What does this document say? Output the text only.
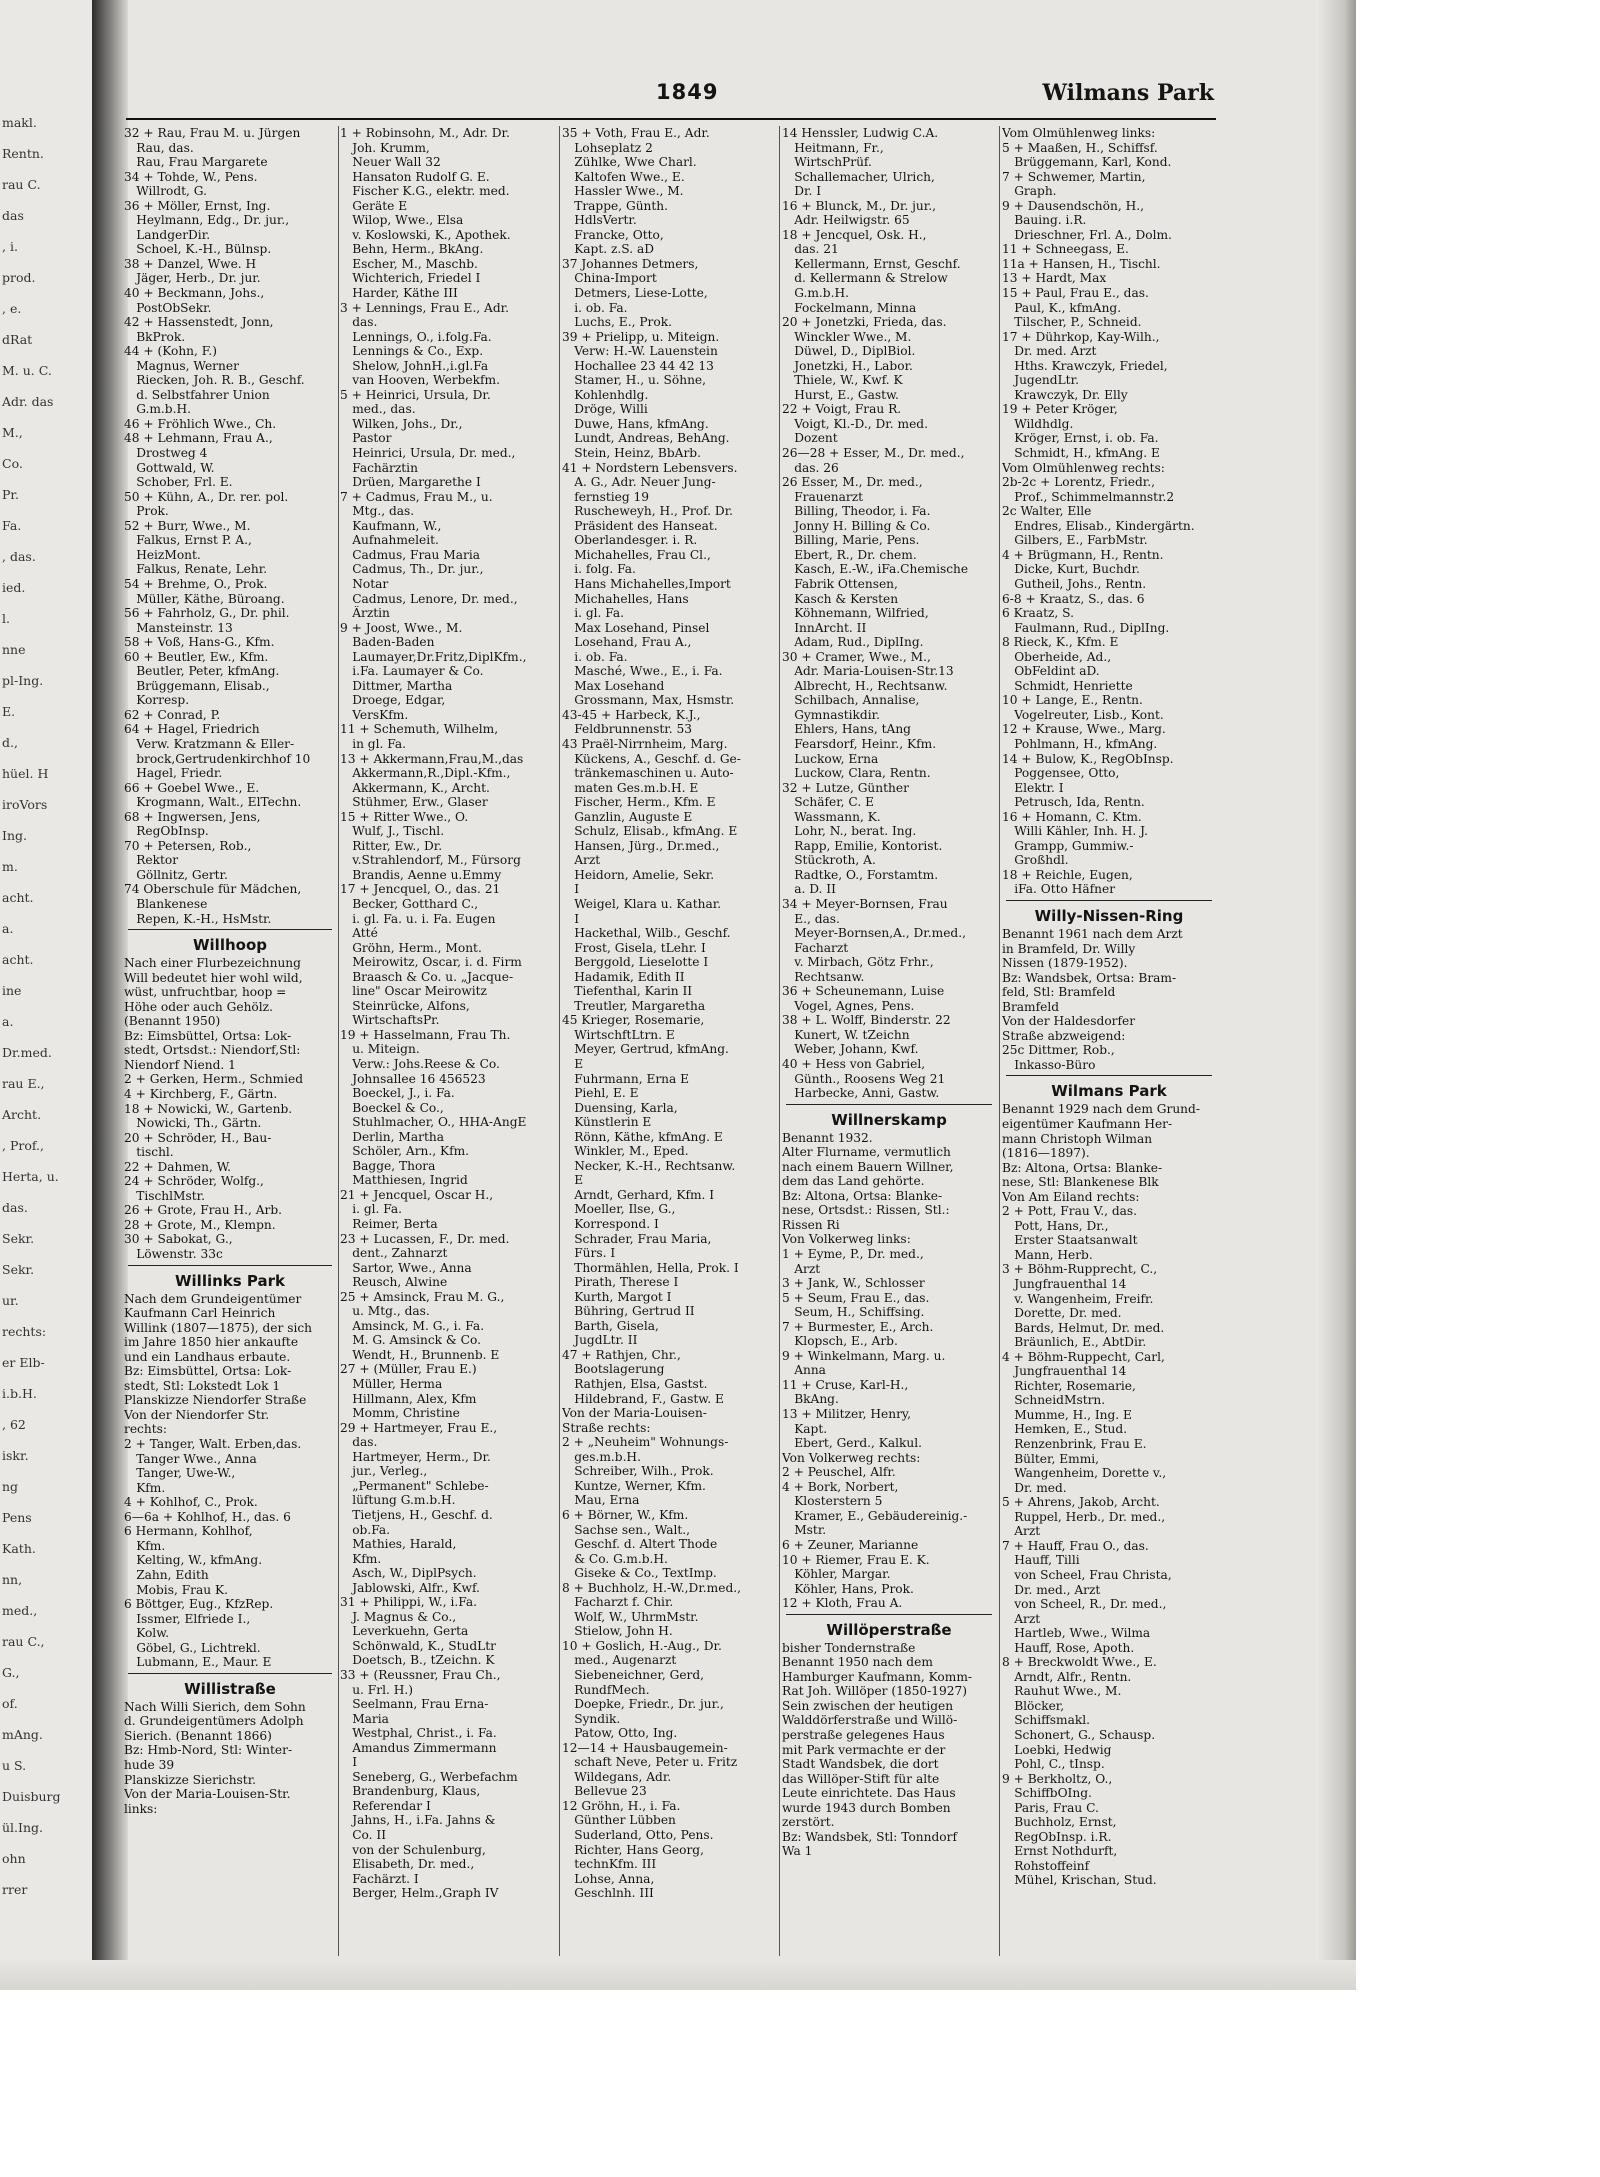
makl.
Rentn.
rau C.
das
, i.
prod.
, e.
dRat
M. u. C.
Adr. das
M.,
Co.
Pr.
Fa.
, das.
ied.
l.
nne
pl-Ing.
E.
d.,
hüel. H
iroVors
Ing.
m.
acht.
a.
acht.
ine
a.
Dr.med.
rau E.,
Archt.
, Prof.,
Herta, u.
das.
Sekr.
Sekr.
ur.
rechts:
er Elb-
i.b.H.
, 62
iskr.
ng
Pens
Kath.
nn,
med.,
rau C.,
G.,
of.
mAng.
u S.
Duisburg
ül.Ing.
ohn
rrer
1849	Wilmans Park
32 + Rau, Frau M. u. Jürgen
 Rau, das.
 Rau, Frau Margarete
34 + Tohde, W., Pens.
 Willrodt, G.
36 + Möller, Ernst, Ing.
 Heylmann, Edg., Dr. jur.,
 LandgerDir.
 Schoel, K.-H., Bülnsp.
38 + Danzel, Wwe. H
 Jäger, Herb., Dr. jur.
40 + Beckmann, Johs.,
 PostObSekr.
42 + Hassenstedt, Jonn,
 BkProk.
44 + (Kohn, F.)
 Magnus, Werner
 Riecken, Joh. R. B., Geschf.
 d. Selbstfahrer Union
 G.m.b.H.
46 + Fröhlich Wwe., Ch.
48 + Lehmann, Frau A.,
 Drostweg 4
 Gottwald, W.
 Schober, Frl. E.
50 + Kühn, A., Dr. rer. pol.
 Prok.
52 + Burr, Wwe., M.
 Falkus, Ernst P. A.,
 HeizMont.
 Falkus, Renate, Lehr.
54 + Brehme, O., Prok.
 Müller, Käthe, Büroang.
56 + Fahrholz, G., Dr. phil.
 Mansteinstr. 13
58 + Voß, Hans-G., Kfm.
60 + Beutler, Ew., Kfm.
 Beutler, Peter, kfmAng.
 Brüggemann, Elisab.,
 Korresp.
62 + Conrad, P.
64 + Hagel, Friedrich
 Verw. Kratzmann & Eller-
 brock,Gertrudenkirchhof 10
 Hagel, Friedr.
66 + Goebel Wwe., E.
 Krogmann, Walt., ElTechn.
68 + Ingwersen, Jens,
 RegObInsp.
70 + Petersen, Rob.,
 Rektor
 Göllnitz, Gertr.
74 Oberschule für Mädchen,
 Blankenese
 Repen, K.-H., HsMstr.
Willhoop
Nach einer Flurbezeichnung
Will bedeutet hier wohl wild,
wüst, unfruchtbar, hoop =
Höhe oder auch Gehölz.
(Benannt 1950)
Bz: Eimsbüttel, Ortsa: Lok-
stedt, Ortsdst.: Niendorf,Stl:
Niendorf Niend. 1
2 + Gerken, Herm., Schmied
4 + Kirchberg, F., Gärtn.
18 + Nowicki, W., Gartenb.
 Nowicki, Th., Gärtn.
20 + Schröder, H., Bau-
 tischl.
22 + Dahmen, W.
24 + Schröder, Wolfg.,
 TischlMstr.
26 + Grote, Frau H., Arb.
28 + Grote, M., Klempn.
30 + Sabokat, G.,
 Löwenstr. 33c
Willinks Park
Nach dem Grundeigentümer
Kaufmann Carl Heinrich
Willink (1807—1875), der sich
im Jahre 1850 hier ankaufte
und ein Landhaus erbaute.
Bz: Eimsbüttel, Ortsa: Lok-
stedt, Stl: Lokstedt Lok 1
Planskizze Niendorfer Straße
Von der Niendorfer Str.
rechts:
2 + Tanger, Walt. Erben,das.
 Tanger Wwe., Anna
 Tanger, Uwe-W.,
 Kfm.
4 + Kohlhof, C., Prok.
6—6a + Kohlhof, H., das. 6
6 Hermann, Kohlhof,
 Kfm.
 Kelting, W., kfmAng.
 Zahn, Edith
 Mobis, Frau K.
6 Böttger, Eug., KfzRep.
 Issmer, Elfriede I.,
 Kolw.
 Göbel, G., Lichtrekl.
 Lubmann, E., Maur. E
Willistraße
Nach Willi Sierich, dem Sohn
d. Grundeigentümers Adolph
Sierich. (Benannt 1866)
Bz: Hmb-Nord, Stl: Winter-
hude 39
Planskizze Sierichstr.
Von der Maria-Louisen-Str.
links:
1 + Robinsohn, M., Adr. Dr.
 Joh. Krumm,
 Neuer Wall 32
 Hansaton Rudolf G. E.
 Fischer K.G., elektr. med.
 Geräte E
 Wilop, Wwe., Elsa
 v. Koslowski, K., Apothek.
 Behn, Herm., BkAng.
 Escher, M., Maschb.
 Wichterich, Friedel I
 Harder, Käthe III
3 + Lennings, Frau E., Adr.
 das.
 Lennings, O., i.folg.Fa.
 Lennings & Co., Exp.
 Shelow, JohnH.,i.gl.Fa
 van Hooven, Werbekfm.
5 + Heinrici, Ursula, Dr.
 med., das.
 Wilken, Johs., Dr.,
 Pastor
 Heinrici, Ursula, Dr. med.,
 Fachärztin
 Drüen, Margarethe I
7 + Cadmus, Frau M., u.
 Mtg., das.
 Kaufmann, W.,
 Aufnahmeleit.
 Cadmus, Frau Maria
 Cadmus, Th., Dr. jur.,
 Notar
 Cadmus, Lenore, Dr. med.,
 Ärztin
9 + Joost, Wwe., M.
 Baden-Baden
 Laumayer,Dr.Fritz,DiplKfm.,
 i.Fa. Laumayer & Co.
 Dittmer, Martha
 Droege, Edgar,
 VersKfm.
11 + Schemuth, Wilhelm,
 in gl. Fa.
13 + Akkermann,Frau,M.,das
 Akkermann,R.,Dipl.-Kfm.,
 Akkermann, K., Archt.
 Stühmer, Erw., Glaser
15 + Ritter Wwe., O.
 Wulf, J., Tischl.
 Ritter, Ew., Dr.
 v.Strahlendorf, M., Fürsorg
 Brandis, Aenne u.Emmy
17 + Jencquel, O., das. 21
 Becker, Gotthard C.,
 i. gl. Fa. u. i. Fa. Eugen
 Atté
 Gröhn, Herm., Mont.
 Meirowitz, Oscar, i. d. Firm
 Braasch & Co. u. „Jacque-
 line" Oscar Meirowitz
 Steinrücke, Alfons,
 WirtschaftsPr.
19 + Hasselmann, Frau Th.
 u. Miteign.
 Verw.: Johs.Reese & Co.
 Johnsallee 16 456523
 Boeckel, J., i. Fa.
 Boeckel & Co.,
 Stuhlmacher, O., HHA-AngE
 Derlin, Martha
 Schöler, Arn., Kfm.
 Bagge, Thora
 Matthiesen, Ingrid
21 + Jencquel, Oscar H.,
 i. gl. Fa.
 Reimer, Berta
23 + Lucassen, F., Dr. med.
 dent., Zahnarzt
 Sartor, Wwe., Anna
 Reusch, Alwine
25 + Amsinck, Frau M. G.,
 u. Mtg., das.
 Amsinck, M. G., i. Fa.
 M. G. Amsinck & Co.
 Wendt, H., Brunnenb. E
27 + (Müller, Frau E.)
 Müller, Herma
 Hillmann, Alex, Kfm
 Momm, Christine
29 + Hartmeyer, Frau E.,
 das.
 Hartmeyer, Herm., Dr.
 jur., Verleg.,
 „Permanent" Schlebe-
 lüftung G.m.b.H.
 Tietjens, H., Geschf. d.
 ob.Fa.
 Mathies, Harald,
 Kfm.
 Asch, W., DiplPsych.
 Jablowski, Alfr., Kwf.
31 + Philippi, W., i.Fa.
 J. Magnus & Co.,
 Leverkuehn, Gerta
 Schönwald, K., StudLtr
 Doetsch, B., tZeichn. K
33 + (Reussner, Frau Ch.,
 u. Frl. H.)
 Seelmann, Frau Erna-
 Maria
 Westphal, Christ., i. Fa.
 Amandus Zimmermann
 I
 Seneberg, G., Werbefachm
 Brandenburg, Klaus,
 Referendar I
 Jahns, H., i.Fa. Jahns &
 Co. II
 von der Schulenburg,
 Elisabeth, Dr. med.,
 Fachärzt. I
 Berger, Helm.,Graph IV
35 + Voth, Frau E., Adr.
 Lohseplatz 2
 Zühlke, Wwe Charl.
 Kaltofen Wwe., E.
 Hassler Wwe., M.
 Trappe, Günth.
 HdlsVertr.
 Francke, Otto,
 Kapt. z.S. aD
37 Johannes Detmers,
 China-Import
 Detmers, Liese-Lotte,
 i. ob. Fa.
 Luchs, E., Prok.
39 + Prielipp, u. Miteign.
 Verw: H.-W. Lauenstein
 Hochallee 23 44 42 13
 Stamer, H., u. Söhne,
 Kohlenhdlg.
 Dröge, Willi
 Duwe, Hans, kfmAng.
 Lundt, Andreas, BehAng.
 Stein, Heinz, BbArb.
41 + Nordstern Lebensvers.
 A. G., Adr. Neuer Jung-
 fernstieg 19
 Ruscheweyh, H., Prof. Dr.
 Präsident des Hanseat.
 Oberlandesger. i. R.
 Michahelles, Frau Cl.,
 i. folg. Fa.
 Hans Michahelles,Import
 Michahelles, Hans
 i. gl. Fa.
 Max Losehand, Pinsel
 Losehand, Frau A.,
 i. ob. Fa.
 Masché, Wwe., E., i. Fa.
 Max Losehand
 Grossmann, Max, Hsmstr.
43-45 + Harbeck, K.J.,
 Feldbrunnenstr. 53
43 Praël-Nirrnheim, Marg.
 Kückens, A., Geschf. d. Ge-
 tränkemaschinen u. Auto-
 maten Ges.m.b.H. E
 Fischer, Herm., Kfm. E
 Ganzlin, Auguste E
 Schulz, Elisab., kfmAng. E
 Hansen, Jürg., Dr.med.,
 Arzt
 Heidorn, Amelie, Sekr.
 I
 Weigel, Klara u. Kathar.
 I
 Hackethal, Wilb., Geschf.
 Frost, Gisela, tLehr. I
 Berggold, Lieselotte I
 Hadamik, Edith II
 Tiefenthal, Karin II
 Treutler, Margaretha
45 Krieger, Rosemarie,
 WirtschftLtrn. E
 Meyer, Gertrud, kfmAng.
 E
 Fuhrmann, Erna E
 Piehl, E. E
 Duensing, Karla,
 Künstlerin E
 Rönn, Käthe, kfmAng. E
 Winkler, M., Eped.
 Necker, K.-H., Rechtsanw.
 E
 Arndt, Gerhard, Kfm. I
 Moeller, Ilse, G.,
 Korrespond. I
 Schrader, Frau Maria,
 Fürs. I
 Thormählen, Hella, Prok. I
 Pirath, Therese I
 Kurth, Margot I
 Bühring, Gertrud II
 Barth, Gisela,
 JugdLtr. II
47 + Rathjen, Chr.,
 Bootslagerung
 Rathjen, Elsa, Gastst.
 Hildebrand, F., Gastw. E
Von der Maria-Louisen-
Straße rechts:
2 + „Neuheim" Wohnungs-
 ges.m.b.H.
 Schreiber, Wilh., Prok.
 Kuntze, Werner, Kfm.
 Mau, Erna
6 + Börner, W., Kfm.
 Sachse sen., Walt.,
 Geschf. d. Altert Thode
 & Co. G.m.b.H.
 Giseke & Co., TextImp.
8 + Buchholz, H.-W.,Dr.med.,
 Facharzt f. Chir.
 Wolf, W., UhrmMstr.
 Stielow, John H.
10 + Goslich, H.-Aug., Dr.
 med., Augenarzt
 Siebeneichner, Gerd,
 RundfMech.
 Doepke, Friedr., Dr. jur.,
 Syndik.
 Patow, Otto, Ing.
12—14 + Hausbaugemein-
 schaft Neve, Peter u. Fritz
 Wildegans, Adr.
 Bellevue 23
12 Gröhn, H., i. Fa.
 Günther Lübben
 Suderland, Otto, Pens.
 Richter, Hans Georg,
 technKfm. III
 Lohse, Anna,
 Geschlnh. III
14 Henssler, Ludwig C.A.
 Heitmann, Fr.,
 WirtschPrüf.
 Schallemacher, Ulrich,
 Dr. I
16 + Blunck, M., Dr. jur.,
 Adr. Heilwigstr. 65
18 + Jencquel, Osk. H.,
 das. 21
 Kellermann, Ernst, Geschf.
 d. Kellermann & Strelow
 G.m.b.H.
 Fockelmann, Minna
20 + Jonetzki, Frieda, das.
 Winckler Wwe., M.
 Düwel, D., DiplBiol.
 Jonetzki, H., Labor.
 Thiele, W., Kwf. K
 Hurst, E., Gastw.
22 + Voigt, Frau R.
 Voigt, Kl.-D., Dr. med.
 Dozent
26—28 + Esser, M., Dr. med.,
 das. 26
26 Esser, M., Dr. med.,
 Frauenarzt
 Billing, Theodor, i. Fa.
 Jonny H. Billing & Co.
 Billing, Marie, Pens.
 Ebert, R., Dr. chem.
 Kasch, E.-W., iFa.Chemische
 Fabrik Ottensen,
 Kasch & Kersten
 Köhnemann, Wilfried,
 InnArcht. II
 Adam, Rud., DiplIng.
30 + Cramer, Wwe., M.,
 Adr. Maria-Louisen-Str.13
 Albrecht, H., Rechtsanw.
 Schilbach, Annalise,
 Gymnastikdir.
 Ehlers, Hans, tAng
 Fearsdorf, Heinr., Kfm.
 Luckow, Erna
 Luckow, Clara, Rentn.
32 + Lutze, Günther
 Schäfer, C. E
 Wassmann, K.
 Lohr, N., berat. Ing.
 Rapp, Emilie, Kontorist.
 Stückroth, A.
 Radtke, O., Forstamtm.
 a. D. II
34 + Meyer-Bornsen, Frau
 E., das.
 Meyer-Bornsen,A., Dr.med.,
 Facharzt
 v. Mirbach, Götz Frhr.,
 Rechtsanw.
36 + Scheunemann, Luise
 Vogel, Agnes, Pens.
38 + L. Wolff, Binderstr. 22
 Kunert, W. tZeichn
 Weber, Johann, Kwf.
40 + Hess von Gabriel,
 Günth., Roosens Weg 21
 Harbecke, Anni, Gastw.
Willnerskamp
Benannt 1932.
Alter Flurname, vermutlich
nach einem Bauern Willner,
dem das Land gehörte.
Bz: Altona, Ortsa: Blanke-
nese, Ortsdst.: Rissen, Stl.:
Rissen Ri
Von Volkerweg links:
1 + Eyme, P., Dr. med.,
 Arzt
3 + Jank, W., Schlosser
5 + Seum, Frau E., das.
 Seum, H., Schiffsing.
7 + Burmester, E., Arch.
 Klopsch, E., Arb.
9 + Winkelmann, Marg. u.
 Anna
11 + Cruse, Karl-H.,
 BkAng.
13 + Militzer, Henry,
 Kapt.
 Ebert, Gerd., Kalkul.
Von Volkerweg rechts:
2 + Peuschel, Alfr.
4 + Bork, Norbert,
 Klosterstern 5
 Kramer, E., Gebäudereinig.-
 Mstr.
6 + Zeuner, Marianne
10 + Riemer, Frau E. K.
 Köhler, Margar.
 Köhler, Hans, Prok.
12 + Kloth, Frau A.
Willöperstraße
bisher Tondernstraße
Benannt 1950 nach dem
Hamburger Kaufmann, Komm-
Rat Joh. Willöper (1850-1927)
Sein zwischen der heutigen
Walddörferstraße und Willö-
perstraße gelegenes Haus
mit Park vermachte er der
Stadt Wandsbek, die dort
das Willöper-Stift für alte
Leute einrichtete. Das Haus
wurde 1943 durch Bomben
zerstört.
Bz: Wandsbek, Stl: Tonndorf
Wa 1
Vom Olmühlenweg links:
5 + Maaßen, H., Schiffsf.
 Brüggemann, Karl, Kond.
7 + Schwemer, Martin,
 Graph.
9 + Dausendschön, H.,
 Bauing. i.R.
 Drieschner, Frl. A., Dolm.
11 + Schneegass, E.
11a + Hansen, H., Tischl.
13 + Hardt, Max
15 + Paul, Frau E., das.
 Paul, K., kfmAng.
 Tilscher, P., Schneid.
17 + Dührkop, Kay-Wilh.,
 Dr. med. Arzt
 Hths. Krawczyk, Friedel,
 JugendLtr.
 Krawczyk, Dr. Elly
19 + Peter Kröger,
 Wildhdlg.
 Kröger, Ernst, i. ob. Fa.
 Schmidt, H., kfmAng. E
Vom Olmühlenweg rechts:
2b-2c + Lorentz, Friedr.,
 Prof., Schimmelmannstr.2
2c Walter, Elle
 Endres, Elisab., Kindergärtn.
 Gilbers, E., FarbMstr.
4 + Brügmann, H., Rentn.
 Dicke, Kurt, Buchdr.
 Gutheil, Johs., Rentn.
6-8 + Kraatz, S., das. 6
6 Kraatz, S.
 Faulmann, Rud., DiplIng.
8 Rieck, K., Kfm. E
 Oberheide, Ad.,
 ObFeldint aD.
 Schmidt, Henriette
10 + Lange, E., Rentn.
 Vogelreuter, Lisb., Kont.
12 + Krause, Wwe., Marg.
 Pohlmann, H., kfmAng.
14 + Bulow, K., RegObInsp.
 Poggensee, Otto,
 Elektr. I
 Petrusch, Ida, Rentn.
16 + Homann, C. Ktm.
 Willi Kähler, Inh. H. J.
 Grampp, Gummiw.-
 Großhdl.
18 + Reichle, Eugen,
 iFa. Otto Häfner
Willy-Nissen-Ring
Benannt 1961 nach dem Arzt
in Bramfeld, Dr. Willy
Nissen (1879-1952).
Bz: Wandsbek, Ortsa: Bram-
feld, Stl: Bramfeld
Bramfeld
Von der Haldesdorfer
Straße abzweigend:
25c Dittmer, Rob.,
 Inkasso-Büro
Wilmans Park
Benannt 1929 nach dem Grund-
eigentümer Kaufmann Her-
mann Christoph Wilman
(1816—1897).
Bz: Altona, Ortsa: Blanke-
nese, Stl: Blankenese Blk
Von Am Eiland rechts:
2 + Pott, Frau V., das.
 Pott, Hans, Dr.,
 Erster Staatsanwalt
 Mann, Herb.
3 + Böhm-Rupprecht, C.,
 Jungfrauenthal 14
 v. Wangenheim, Freifr.
 Dorette, Dr. med.
 Bards, Helmut, Dr. med.
 Bräunlich, E., AbtDir.
4 + Böhm-Ruppecht, Carl,
 Jungfrauenthal 14
 Richter, Rosemarie,
 SchneidMstrn.
 Mumme, H., Ing. E
 Hemken, E., Stud.
 Renzenbrink, Frau E.
 Bülter, Emmi,
 Wangenheim, Dorette v.,
 Dr. med.
5 + Ahrens, Jakob, Archt.
 Ruppel, Herb., Dr. med.,
 Arzt
7 + Hauff, Frau O., das.
 Hauff, Tilli
 von Scheel, Frau Christa,
 Dr. med., Arzt
 von Scheel, R., Dr. med.,
 Arzt
 Hartleb, Wwe., Wilma
 Hauff, Rose, Apoth.
8 + Breckwoldt Wwe., E.
 Arndt, Alfr., Rentn.
 Rauhut Wwe., M.
 Blöcker,
 Schiffsmakl.
 Schonert, G., Schausp.
 Loebki, Hedwig
 Pohl, C., tInsp.
9 + Berkholtz, O.,
 SchiffbOIng.
 Paris, Frau C.
 Buchholz, Ernst,
 RegObInsp. i.R.
 Ernst Nothdurft,
 Rohstoffeinf
 Mühel, Krischan, Stud.
